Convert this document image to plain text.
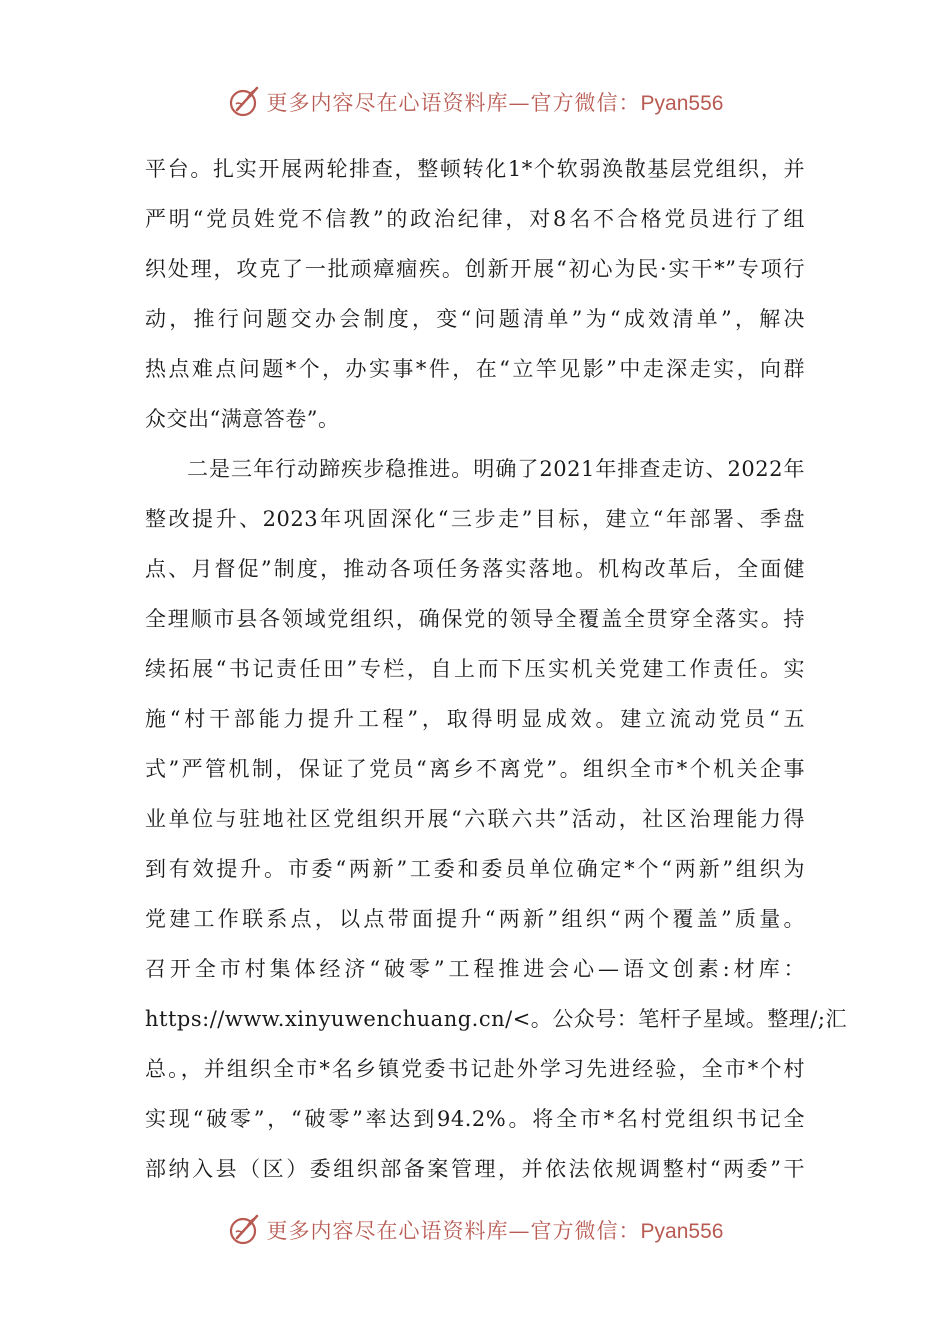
更多内容尽在心语资料库—官方微信：Pyan556
平台。扎实开展两轮排查，整顿转化1*个软弱涣散基层党组织，并
严明“党员姓党不信教”的政治纪律，对8名不合格党员进行了组
织处理，攻克了一批顽瘴痼疾。创新开展“初心为民·实干*”专项行
动，推行问题交办会制度，变“问题清单”为“成效清单”，解决
热点难点问题*个，办实事*件，在“立竿见影”中走深走实，向群
众交出“满意答卷”。
二是三年行动蹄疾步稳推进。明确了2021年排查走访、2022年
整改提升、2023年巩固深化“三步走”目标，建立“年部署、季盘
点、月督促”制度，推动各项任务落实落地。机构改革后，全面健
全理顺市县各领域党组织，确保党的领导全覆盖全贯穿全落实。持
续拓展“书记责任田”专栏，自上而下压实机关党建工作责任。实
施“村干部能力提升工程”，取得明显成效。建立流动党员“五
式”严管机制，保证了党员“离乡不离党”。组织全市*个机关企事
业单位与驻地社区党组织开展“六联六共”活动，社区治理能力得
到有效提升。市委“两新”工委和委员单位确定*个“两新”组织为
党建工作联系点，以点带面提升“两新”组织“两个覆盖”质量。
召开全市村集体经济“破零”工程推进会心—语文创素:材库：
https://www.xinyuwenchuang.cn/<。公众号：笔杆子星域。整理/;汇
总。，并组织全市*名乡镇党委书记赴外学习先进经验，全市*个村
实现“破零”，“破零”率达到94.2%。将全市*名村党组织书记全
部纳入县（区）委组织部备案管理，并依法依规调整村“两委”干
更多内容尽在心语资料库—官方微信：Pyan556
